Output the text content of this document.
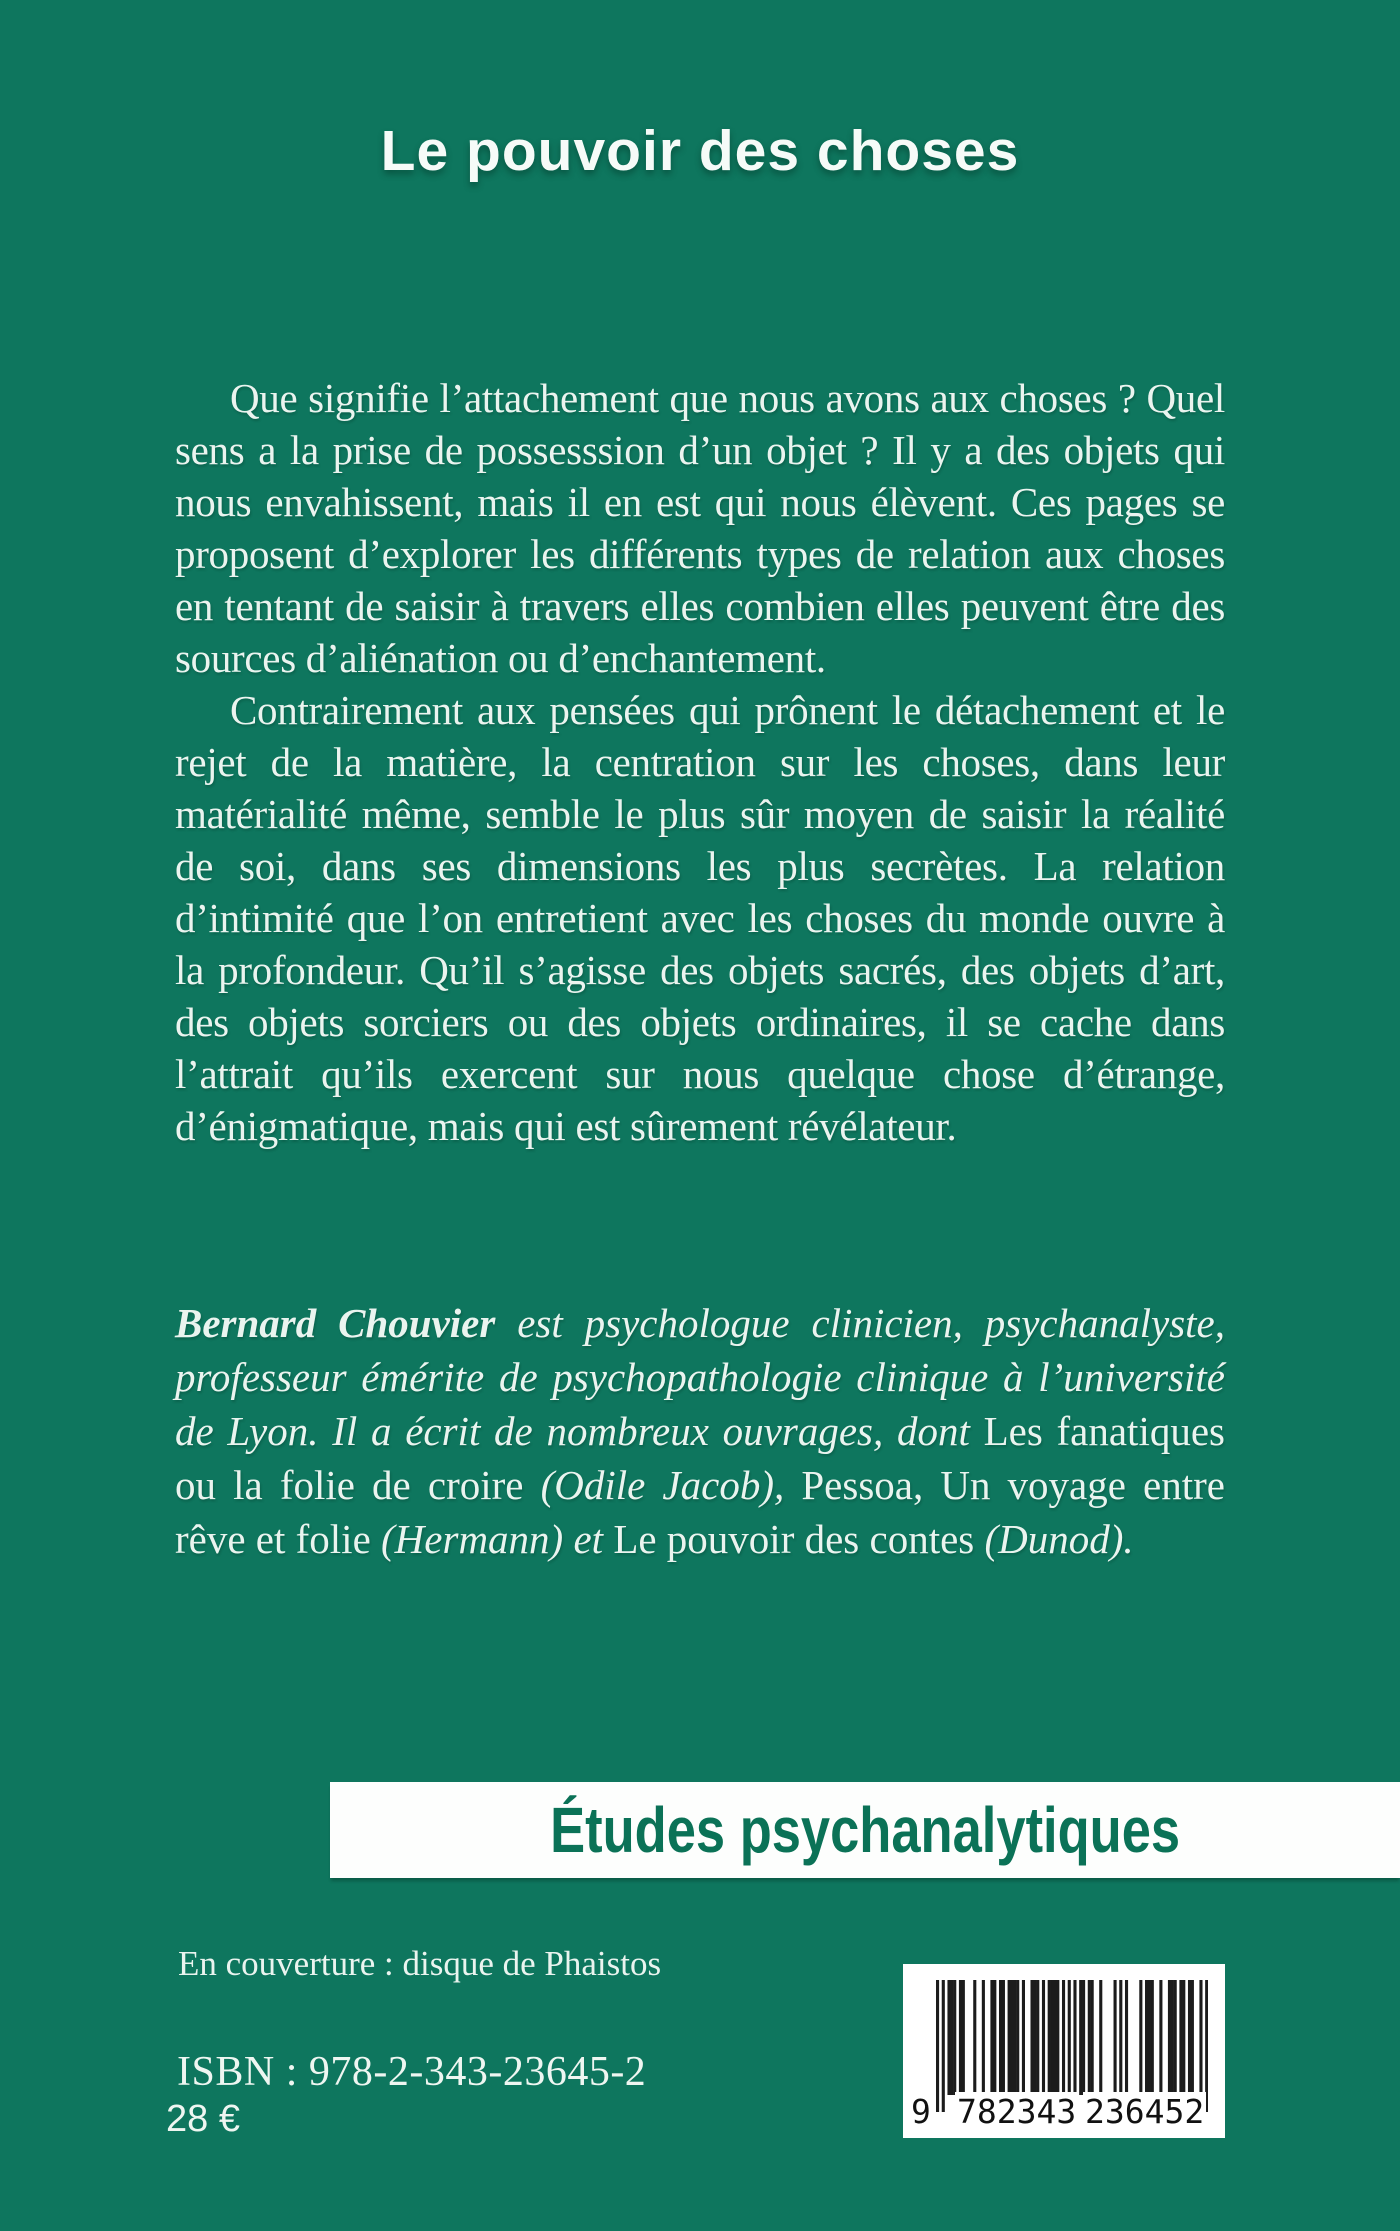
Le pouvoir des choses

Que signifie l’attachement que nous avons aux choses ? Quel sens a la prise de possesssion d’un objet ? Il y a des objets qui nous envahissent, mais il en est qui nous élèvent. Ces pages se proposent d’explorer les différents types de relation aux choses en tentant de saisir à travers elles combien elles peuvent être des sources d’aliénation ou d’enchantement.

Contrairement aux pensées qui prônent le détachement et le rejet de la matière, la centration sur les choses, dans leur matérialité même, semble le plus sûr moyen de saisir la réalité de soi, dans ses dimensions les plus secrètes. La relation d’intimité que l’on entretient avec les choses du monde ouvre à la profondeur. Qu’il s’agisse des objets sacrés, des objets d’art, des objets sorciers ou des objets ordinaires, il se cache dans l’attrait qu’ils exercent sur nous quelque chose d’étrange, d’énigmatique, mais qui est sûrement révélateur.

Bernard Chouvier est psychologue clinicien, psychanalyste, professeur émérite de psychopathologie clinique à l’université de Lyon. Il a écrit de nombreux ouvrages, dont Les fanatiques ou la folie de croire (Odile Jacob), Pessoa, Un voyage entre rêve et folie (Hermann) et Le pouvoir des contes (Dunod).

Études psychanalytiques
En couverture : disque de Phaistos
ISBN : 978-2-343-23645-2
28 €	9 782343 236452
